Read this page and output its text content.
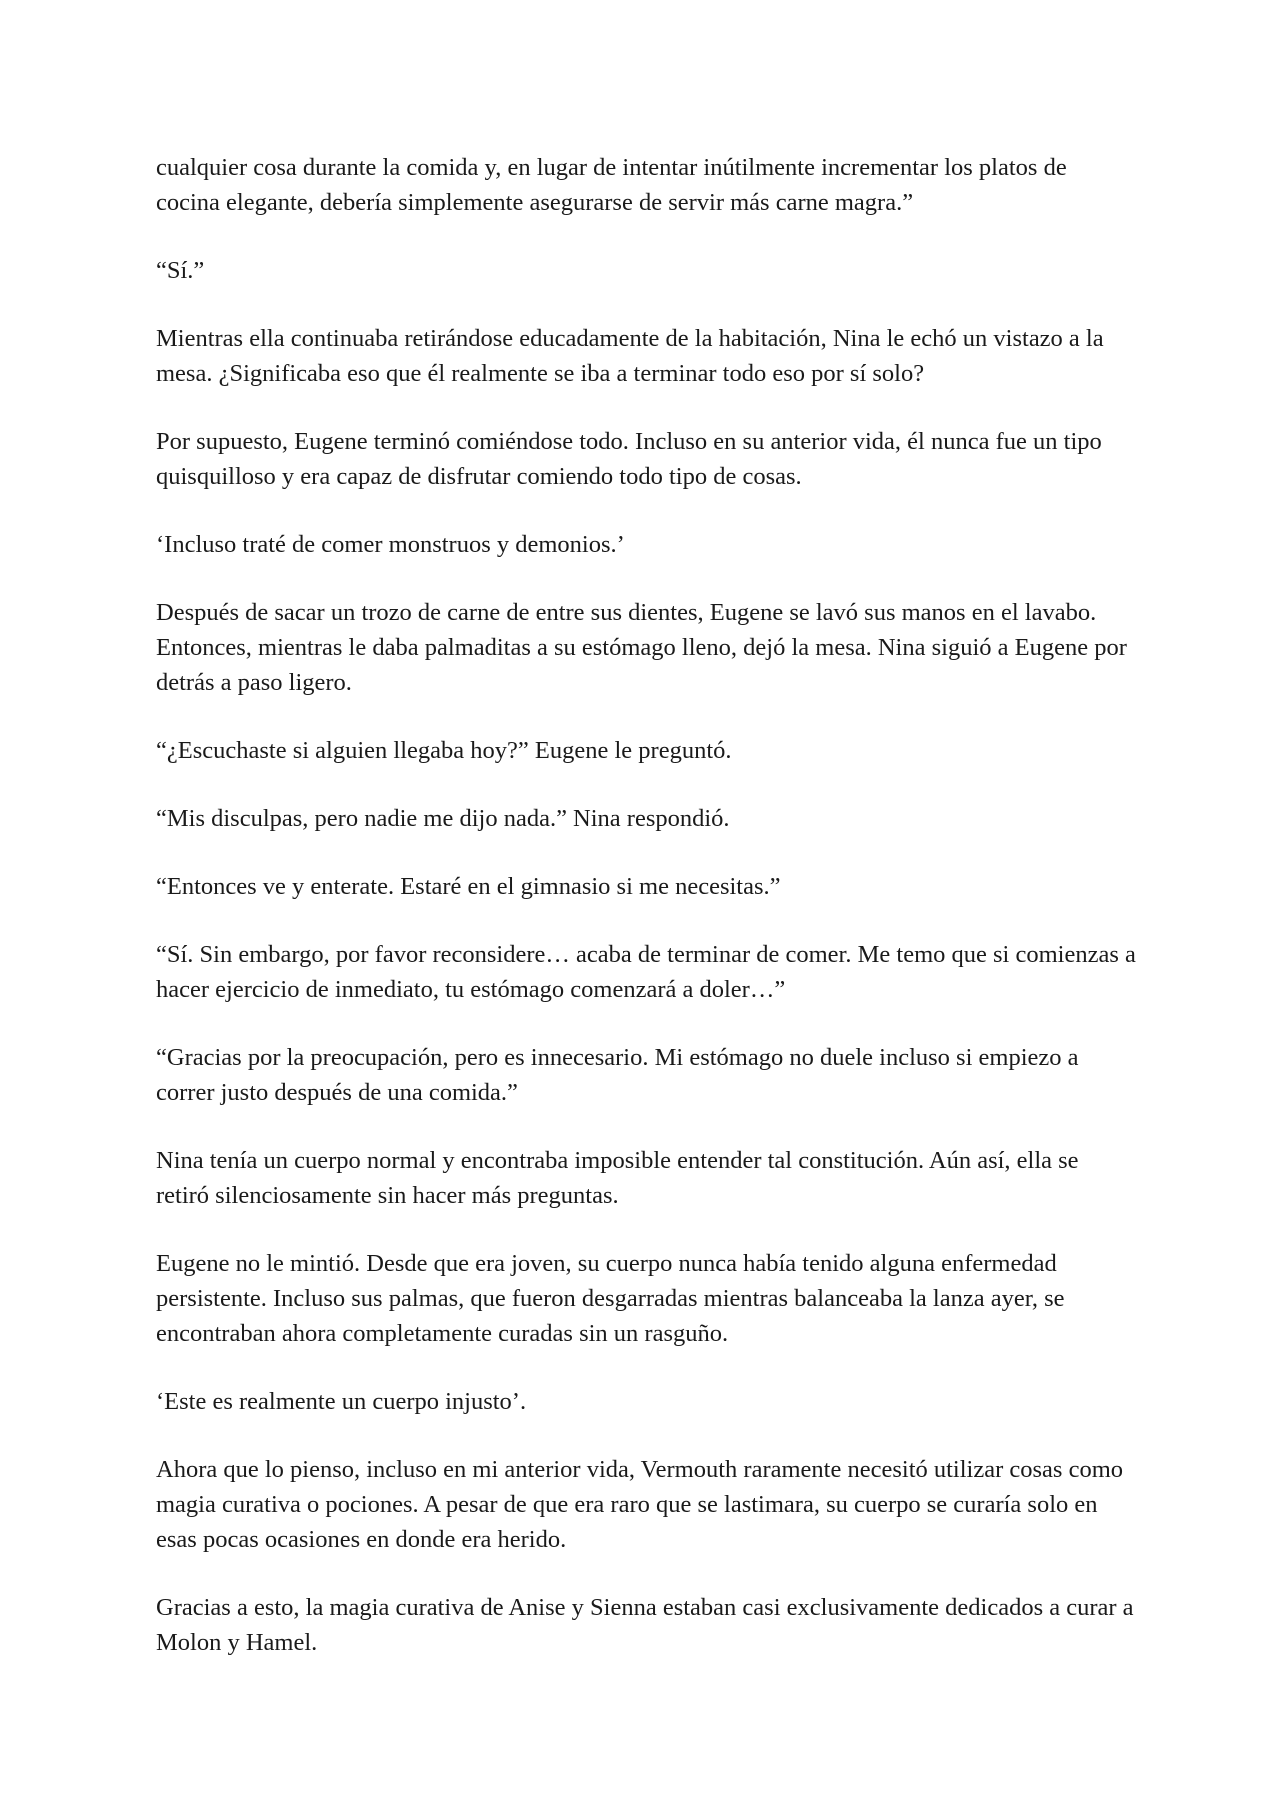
cualquier cosa durante la comida y, en lugar de intentar inútilmente incrementar los platos de cocina elegante, debería simplemente asegurarse de servir más carne magra.”

“Sí.”

Mientras ella continuaba retirándose educadamente de la habitación, Nina le echó un vistazo a la mesa. ¿Significaba eso que él realmente se iba a terminar todo eso por sí solo?

Por supuesto, Eugene terminó comiéndose todo. Incluso en su anterior vida, él nunca fue un tipo quisquilloso y era capaz de disfrutar comiendo todo tipo de cosas.

‘Incluso traté de comer monstruos y demonios.’

Después de sacar un trozo de carne de entre sus dientes, Eugene se lavó sus manos en el lavabo. Entonces, mientras le daba palmaditas a su estómago lleno, dejó la mesa. Nina siguió a Eugene por detrás a paso ligero.

“¿Escuchaste si alguien llegaba hoy?” Eugene le preguntó.

“Mis disculpas, pero nadie me dijo nada.” Nina respondió.

“Entonces ve y enterate. Estaré en el gimnasio si me necesitas.”

“Sí. Sin embargo, por favor reconsidere… acaba de terminar de comer. Me temo que si comienzas a hacer ejercicio de inmediato, tu estómago comenzará a doler…”

“Gracias por la preocupación, pero es innecesario. Mi estómago no duele incluso si empiezo a correr justo después de una comida.”

Nina tenía un cuerpo normal y encontraba imposible entender tal constitución. Aún así, ella se retiró silenciosamente sin hacer más preguntas.

Eugene no le mintió. Desde que era joven, su cuerpo nunca había tenido alguna enfermedad persistente. Incluso sus palmas, que fueron desgarradas mientras balanceaba la lanza ayer, se encontraban ahora completamente curadas sin un rasguño.

‘Este es realmente un cuerpo injusto’.

Ahora que lo pienso, incluso en mi anterior vida, Vermouth raramente necesitó utilizar cosas como magia curativa o pociones. A pesar de que era raro que se lastimara, su cuerpo se curaría solo en esas pocas ocasiones en donde era herido.

Gracias a esto, la magia curativa de Anise y Sienna estaban casi exclusivamente dedicados a curar a Molon y Hamel.
